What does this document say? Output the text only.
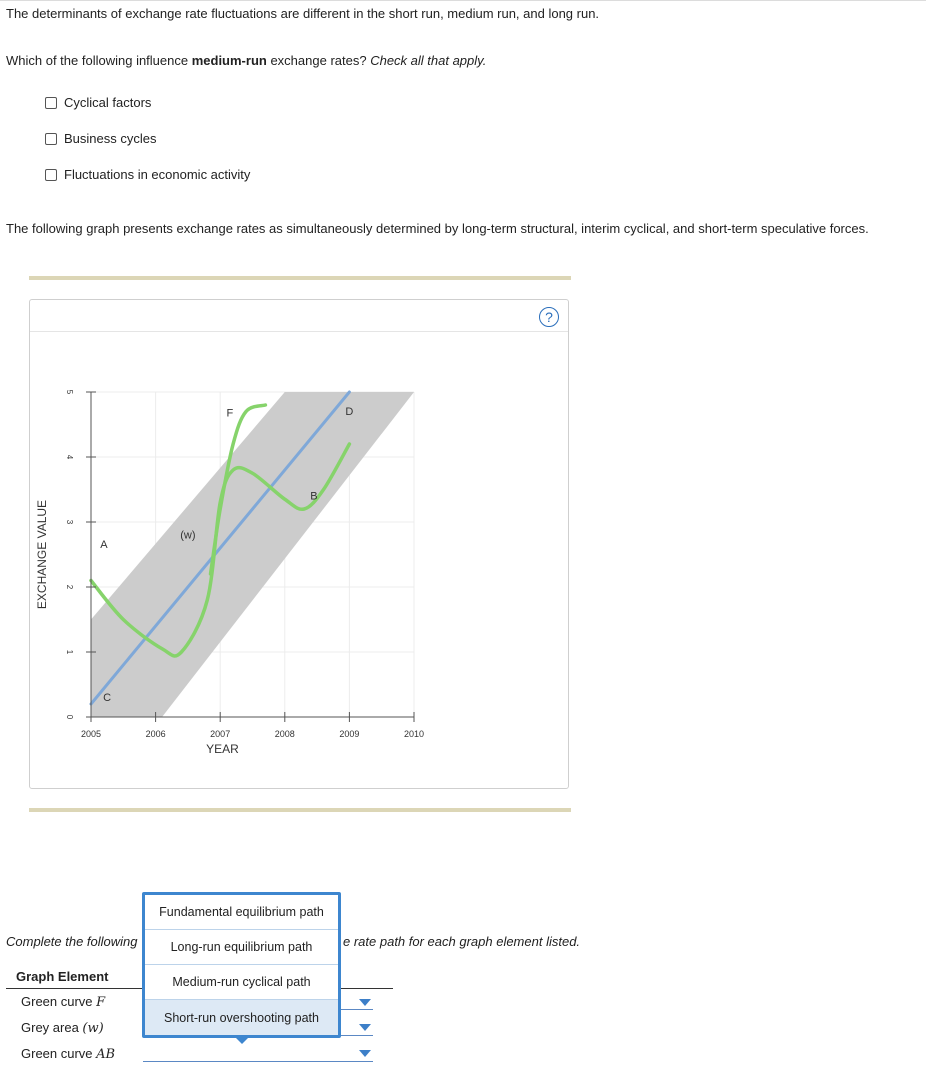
The determinants of exchange rate fluctuations are different in the short run, medium run, and long run.
Which of the following influence medium-run exchange rates? Check all that apply.
Cyclical factors
Business cycles
Fluctuations in economic activity
The following graph presents exchange rates as simultaneously determined by long-term structural, interim cyclical, and short-term speculative forces.
?
0
1
2
3
4
5
2005	2006	2007	2008	2009	2010
YEAR
EXCHANGE VALUE
F	D
B
(w)
A
C
Complete the following	e rate path for each graph element listed.
Graph Element
Green curve F
Grey area (w)
Green curve AB
Fundamental equilibrium path
Long-run equilibrium path
Medium-run cyclical path
Short-run overshooting path
